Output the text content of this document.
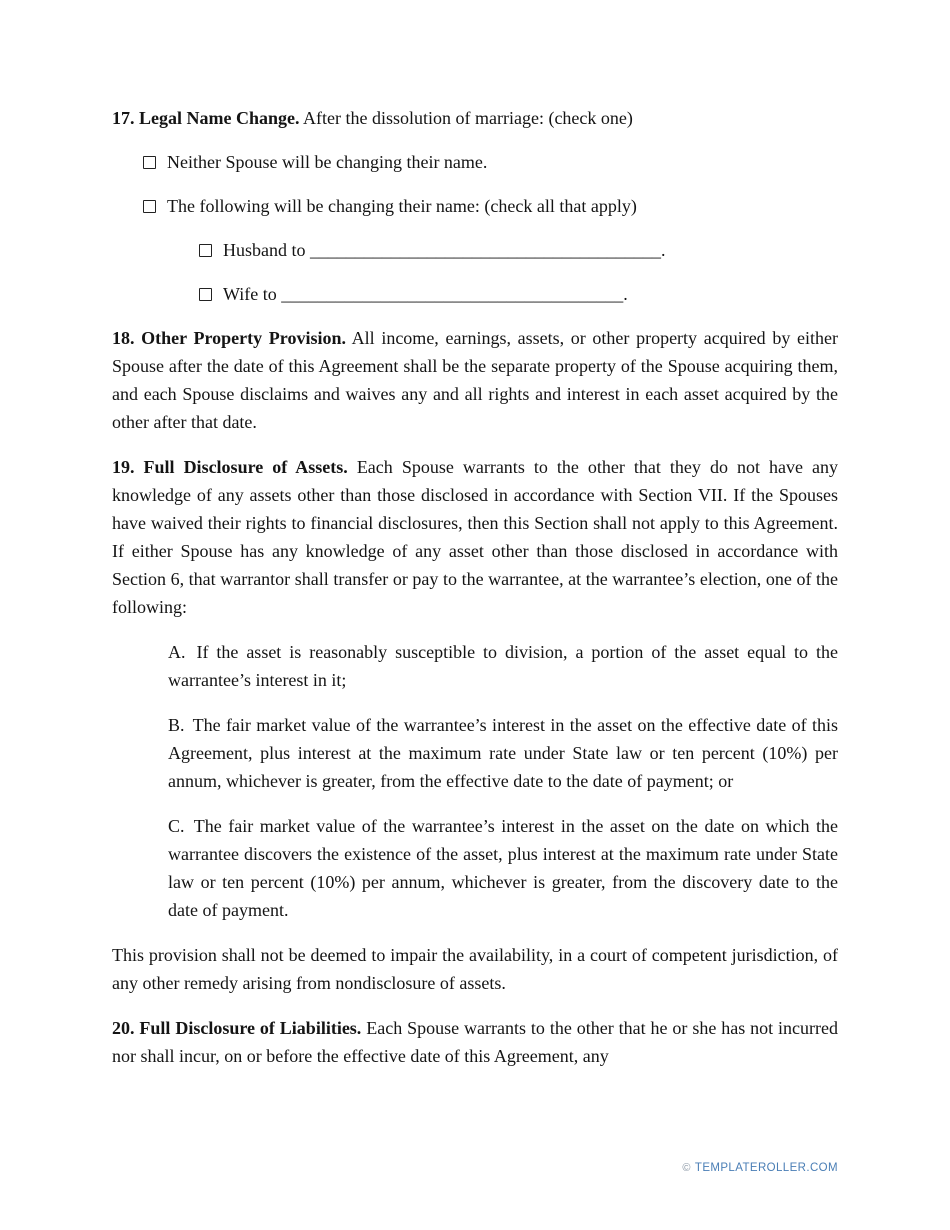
17. Legal Name Change. After the dissolution of marriage: (check one)
Neither Spouse will be changing their name.
The following will be changing their name: (check all that apply)
Husband to _______________________________________.
Wife to ______________________________________.

18. Other Property Provision. All income, earnings, assets, or other property acquired by either Spouse after the date of this Agreement shall be the separate property of the Spouse acquiring them, and each Spouse disclaims and waives any and all rights and interest in each asset acquired by the other after that date.

19. Full Disclosure of Assets. Each Spouse warrants to the other that they do not have any knowledge of any assets other than those disclosed in accordance with Section VII. If the Spouses have waived their rights to financial disclosures, then this Section shall not apply to this Agreement. If either Spouse has any knowledge of any asset other than those disclosed in accordance with Section 6, that warrantor shall transfer or pay to the warrantee, at the warrantee’s election, one of the following:

A. If the asset is reasonably susceptible to division, a portion of the asset equal to the warrantee’s interest in it;

B. The fair market value of the warrantee’s interest in the asset on the effective date of this Agreement, plus interest at the maximum rate under State law or ten percent (10%) per annum, whichever is greater, from the effective date to the date of payment; or

C. The fair market value of the warrantee’s interest in the asset on the date on which the warrantee discovers the existence of the asset, plus interest at the maximum rate under State law or ten percent (10%) per annum, whichever is greater, from the discovery date to the date of payment.

This provision shall not be deemed to impair the availability, in a court of competent jurisdiction, of any other remedy arising from nondisclosure of assets.

20. Full Disclosure of Liabilities. Each Spouse warrants to the other that he or she has not incurred nor shall incur, on or before the effective date of this Agreement, any

© TEMPLATEROLLER.COM
